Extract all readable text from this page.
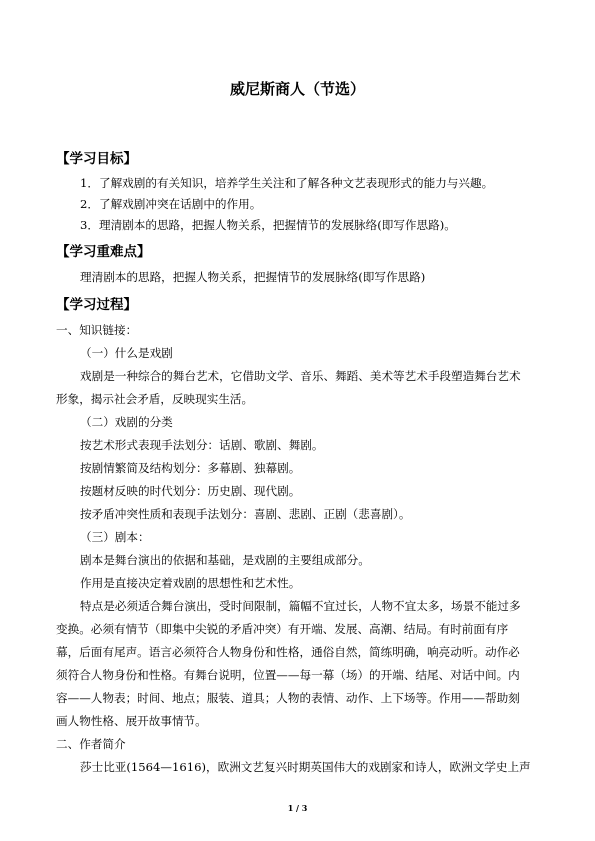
威尼斯商人（节选）
【学习目标】
1．了解戏剧的有关知识，培养学生关注和了解各种文艺表现形式的能力与兴趣。
2．了解戏剧冲突在话剧中的作用。
3．理清剧本的思路，把握人物关系，把握情节的发展脉络(即写作思路)。
【学习重难点】
理清剧本的思路，把握人物关系，把握情节的发展脉络(即写作思路)
【学习过程】
一、知识链接：
（一）什么是戏剧
戏剧是一种综合的舞台艺术，它借助文学、音乐、舞蹈、美术等艺术手段塑造舞台艺术
形象，揭示社会矛盾，反映现实生活。
（二）戏剧的分类
按艺术形式表现手法划分：话剧、歌剧、舞剧。
按剧情繁简及结构划分：多幕剧、独幕剧。
按题材反映的时代划分：历史剧、现代剧。
按矛盾冲突性质和表现手法划分：喜剧、悲剧、正剧（悲喜剧）。
（三）剧本：
剧本是舞台演出的依据和基础，是戏剧的主要组成部分。
作用是直接决定着戏剧的思想性和艺术性。
特点是必须适合舞台演出，受时间限制，篇幅不宜过长，人物不宜太多，场景不能过多
变换。必须有情节（即集中尖锐的矛盾冲突）有开端、发展、高潮、结局。有时前面有序
幕，后面有尾声。语言必须符合人物身份和性格，通俗自然，简练明确，响亮动听。动作必
须符合人物身份和性格。有舞台说明，位置——每一幕（场）的开端、结尾、对话中间。内
容——人物表；时间、地点；服装、道具；人物的表情、动作、上下场等。作用——帮助刻
画人物性格、展开故事情节。
二、作者简介
莎士比亚(1564—1616)，欧洲文艺复兴时期英国伟大的戏剧家和诗人，欧洲文学史上声
1 / 3
